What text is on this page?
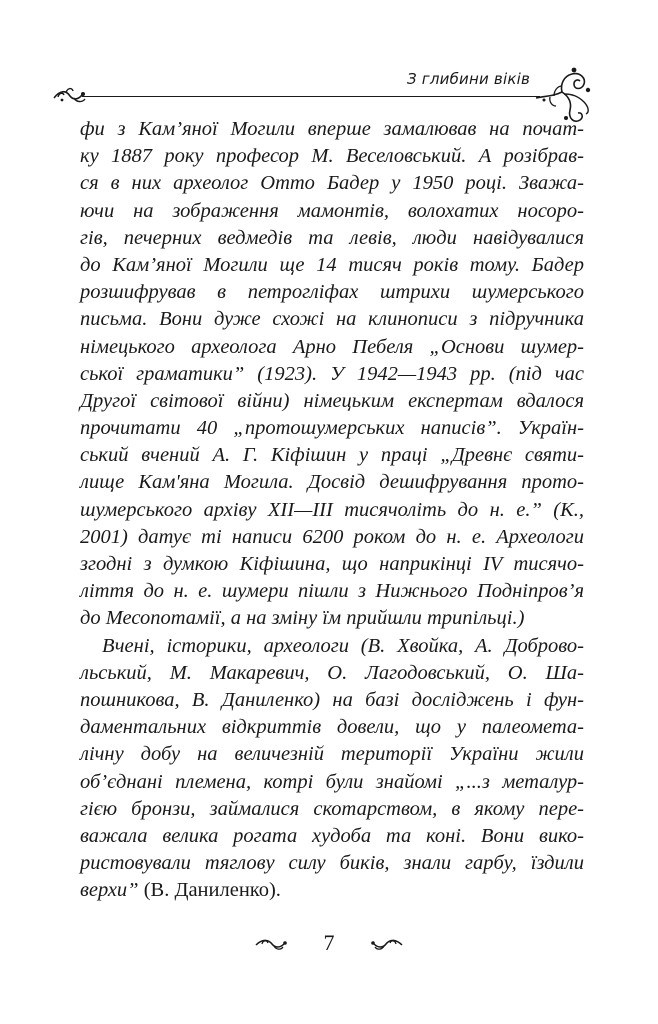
З глибини віків
фи з Кам’яної Могили вперше замалював на почат-
ку 1887 року професор М. Веселовський. А розібрав-
ся в них археолог Отто Бадер у 1950 році. Зважа-
ючи на зображення мамонтів, волохатих носоро-
гів, печерних ведмедів та левів, люди навідувалися
до Кам’яної Могили ще 14 тисяч років тому. Бадер
розшифрував в петрогліфах штрихи шумерського
письма. Вони дуже схожі на клинописи з підручника
німецького археолога Арно Пебеля „Основи шумер-
ської граматики” (1923). У 1942—1943 рр. (під час
Другої світової війни) німецьким експертам вдалося
прочитати 40 „протошумерських написів”. Україн-
ський вчений А. Г. Кіфішин у праці „Древнє святи-
лище Кам'яна Могила. Досвід дешифрування прото-
шумерського архіву XII—III тисячоліть до н. е.” (К.,
2001) датує ті написи 6200 роком до н. е. Археологи
згодні з думкою Кіфішина, що наприкінці IV тисячо-
ліття до н. е. шумери пішли з Нижнього Подніпров’я
до Месопотамії, а на зміну їм прийшли трипільці.)
Вчені, історики, археологи (В. Хвойка, А. Доброво-
льський, М. Макаревич, О. Лагодовський, О. Ша-
пошникова, В. Даниленко) на базі досліджень і фун-
даментальних відкриттів довели, що у палеомета-
лічну добу на величезній території України жили
об’єднані племена, котрі були знайомі „...з металур-
гією бронзи, займалися скотарством, в якому пере-
важала велика рогата худоба та коні. Вони вико-
ристовували тяглову силу биків, знали гарбу, їздили
верхи” (В. Даниленко).
7
